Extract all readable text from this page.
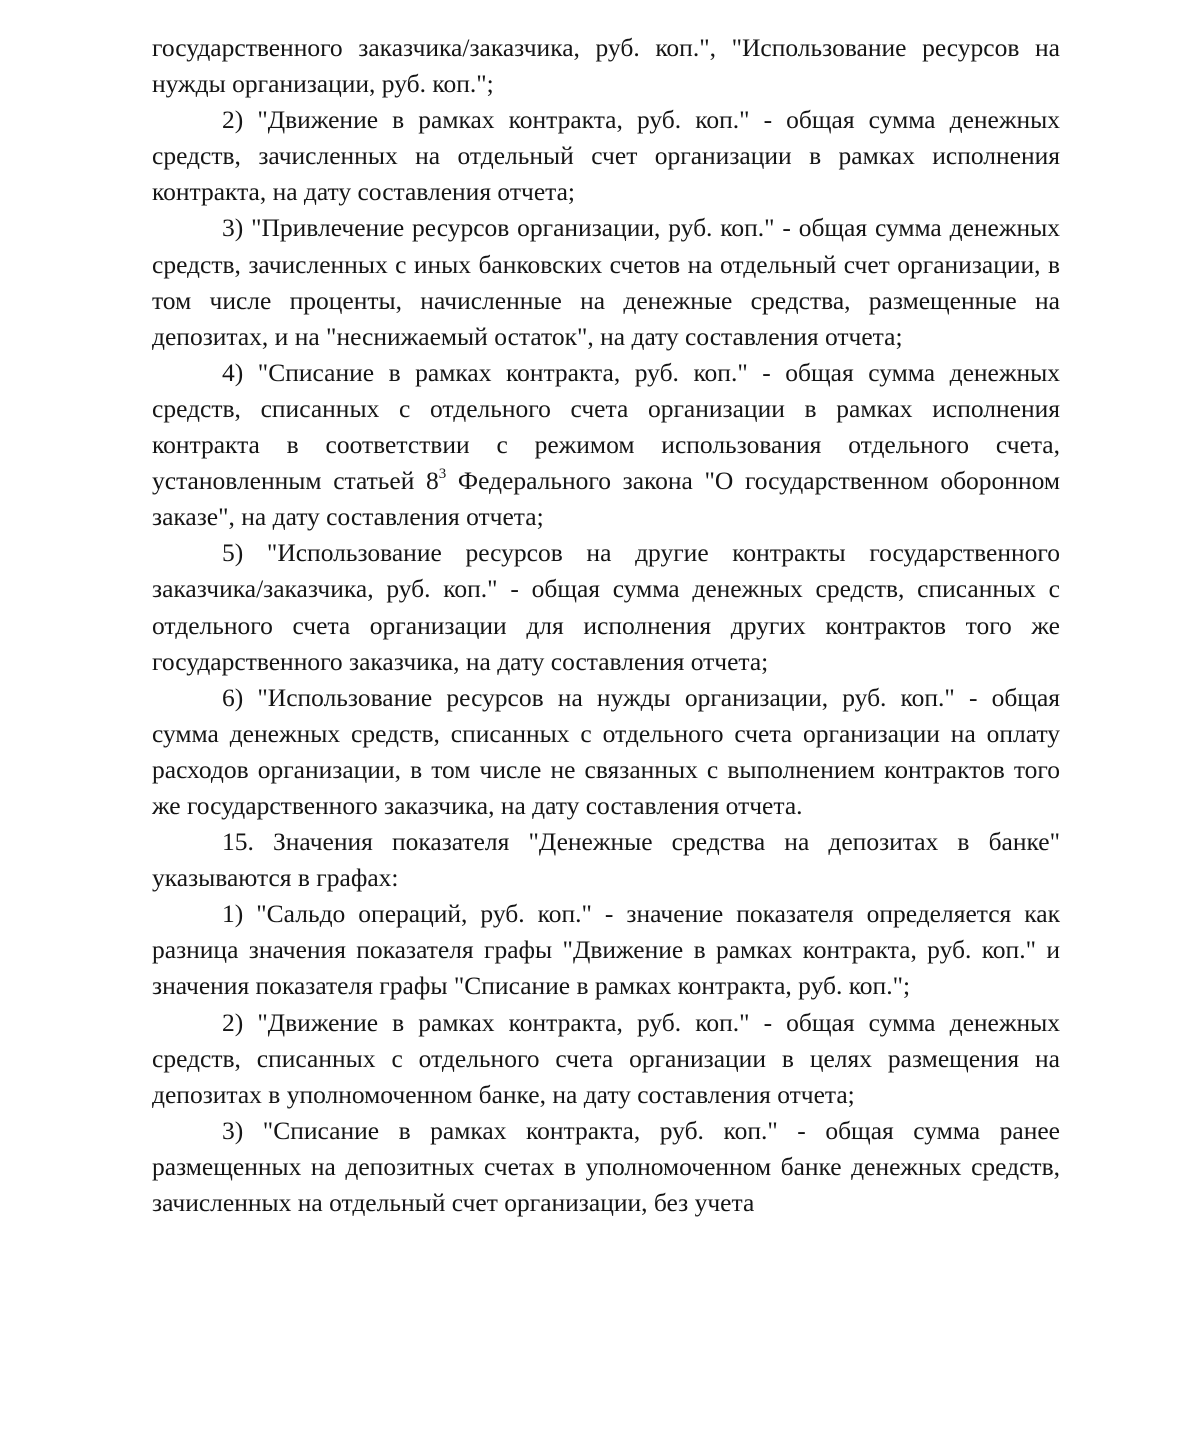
государственного заказчика/заказчика, руб. коп.", "Использование ресурсов на нужды организации, руб. коп.";

2) "Движение в рамках контракта, руб. коп." - общая сумма денежных средств, зачисленных на отдельный счет организации в рамках исполнения контракта, на дату составления отчета;

3) "Привлечение ресурсов организации, руб. коп." - общая сумма денежных средств, зачисленных с иных банковских счетов на отдельный счет организации, в том числе проценты, начисленные на денежные средства, размещенные на депозитах, и на "неснижаемый остаток", на дату составления отчета;

4) "Списание в рамках контракта, руб. коп." - общая сумма денежных средств, списанных с отдельного счета организации в рамках исполнения контракта в соответствии с режимом использования отдельного счета, установленным статьей $8^3$ Федерального закона "О государственном оборонном заказе", на дату составления отчета;

5) "Использование ресурсов на другие контракты государственного заказчика/заказчика, руб. коп." - общая сумма денежных средств, списанных с отдельного счета организации для исполнения других контрактов того же государственного заказчика, на дату составления отчета;

6) "Использование ресурсов на нужды организации, руб. коп." - общая сумма денежных средств, списанных с отдельного счета организации на оплату расходов организации, в том числе не связанных с выполнением контрактов того же государственного заказчика, на дату составления отчета.

15. Значения показателя "Денежные средства на депозитах в банке" указываются в графах:

1) "Сальдо операций, руб. коп." - значение показателя определяется как разница значения показателя графы "Движение в рамках контракта, руб. коп." и значения показателя графы "Списание в рамках контракта, руб. коп.";

2) "Движение в рамках контракта, руб. коп." - общая сумма денежных средств, списанных с отдельного счета организации в целях размещения на депозитах в уполномоченном банке, на дату составления отчета;

3) "Списание в рамках контракта, руб. коп." - общая сумма ранее размещенных на депозитных счетах в уполномоченном банке денежных средств, зачисленных на отдельный счет организации, без учета
